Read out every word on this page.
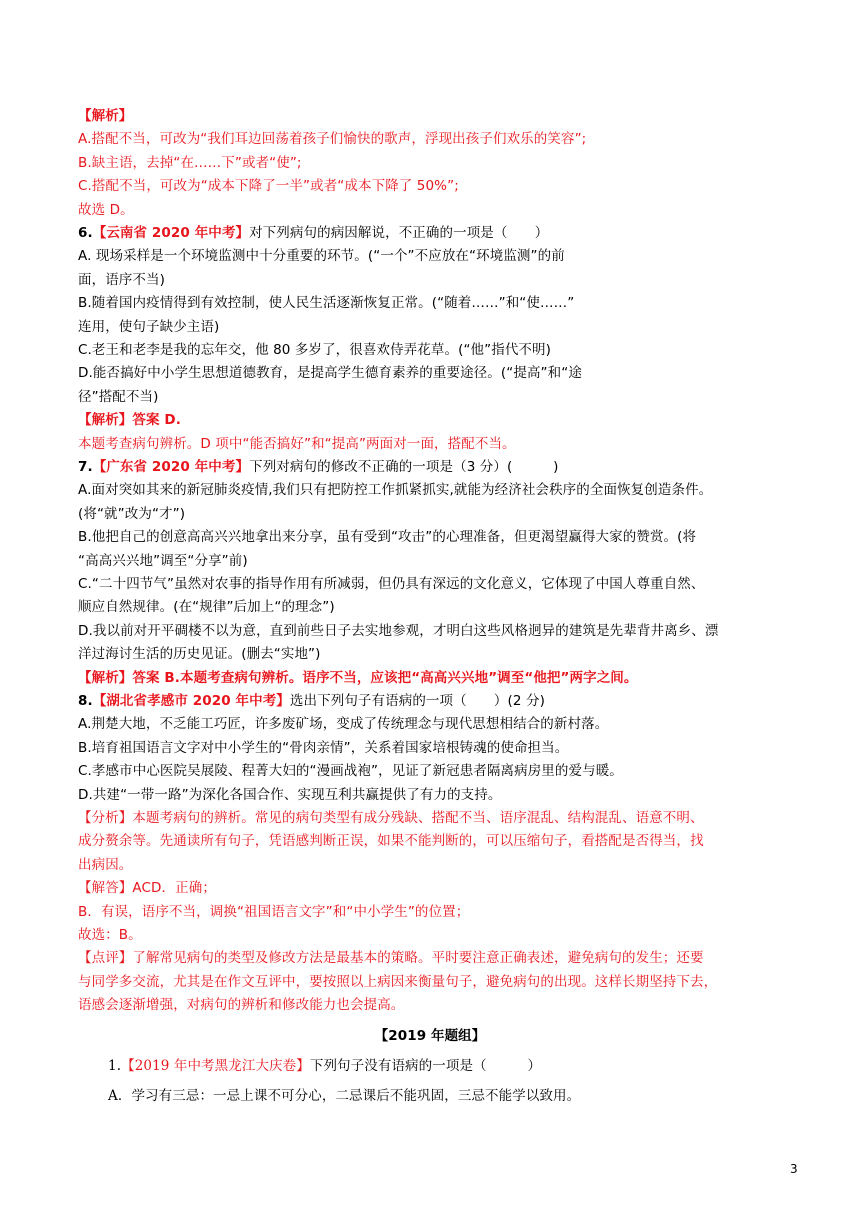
【解析】
A.搭配不当，可改为“我们耳边回荡着孩子们愉快的歌声，浮现出孩子们欢乐的笑容”;
B.缺主语，去掉“在……下”或者“使”;
C.搭配不当，可改为“成本下降了一半”或者“成本下降了 50%”;
故选 D。
6.【云南省 2020 年中考】对下列病句的病因解说，不正确的一项是（　　）
A. 现场采样是一个环境监测中十分重要的环节。(“一个”不应放在“环境监测”的前
面，语序不当)
B.随着国内疫情得到有效控制，使人民生活逐渐恢复正常。(“随着……”和“使……”
连用，使句子缺少主语)
C.老王和老李是我的忘年交，他 80 多岁了，很喜欢侍弄花草。(“他”指代不明)
D.能否搞好中小学生思想道德教育，是提高学生德育素养的重要途径。(“提高”和“途
径”搭配不当)
【解析】答案 D.
本题考查病句辨析。D 项中“能否搞好”和“提高”两面对一面，搭配不当。
7.【广东省 2020 年中考】下列对病句的修改不正确的一项是（3 分）(　　　)
A.面对突如其来的新冠肺炎疫情,我们只有把防控工作抓紧抓实,就能为经济社会秩序的全面恢复创造条件。
(将“就”改为“才”)
B.他把自己的创意高高兴兴地拿出来分享，虽有受到“攻击”的心理准备，但更渴望赢得大家的赞赏。(将
“高高兴兴地”调至“分享”前)
C.“二十四节气”虽然对农事的指导作用有所减弱，但仍具有深远的文化意义，它体现了中国人尊重自然、
顺应自然规律。(在“规律”后加上“的理念”)
D.我以前对开平碉楼不以为意，直到前些日子去实地参观，才明白这些风格迥异的建筑是先辈背井离乡、漂
洋过海讨生活的历史见证。(删去“实地”)
【解析】答案 B.本题考查病句辨析。语序不当，应该把“高高兴兴地”调至“他把”两字之间。
8.【湖北省孝感市 2020 年中考】选出下列句子有语病的一项（　　）(2 分)
A.荆楚大地，不乏能工巧匠，许多废矿场，变成了传统理念与现代思想相结合的新村落。
B.培育祖国语言文字对中小学生的“骨肉亲情”，关系着国家培根铸魂的使命担当。
C.孝感市中心医院吴展陵、程菁大妇的“漫画战袍”，见证了新冠患者隔离病房里的爱与暖。
D.共建“一带一路”为深化各国合作、实现互利共赢提供了有力的支持。
【分析】本题考病句的辨析。常见的病句类型有成分残缺、搭配不当、语序混乱、结构混乱、语意不明、
成分赘余等。先通读所有句子，凭语感判断正误，如果不能判断的，可以压缩句子，看搭配是否得当，找
出病因。
【解答】ACD．正确；
B．有误，语序不当，调换“祖国语言文字”和“中小学生”的位置；
故选：B。
【点评】了解常见病句的类型及修改方法是最基本的策略。平时要注意正确表述，避免病句的发生；还要
与同学多交流，尤其是在作文互评中，要按照以上病因来衡量句子，避免病句的出现。这样长期坚持下去，
语感会逐渐增强，对病句的辨析和修改能力也会提高。
【2019 年题组】
1.【2019 年中考黑龙江大庆卷】下列句子没有语病的一项是（　　　）
A．学习有三忌：一忌上课不可分心，二忌课后不能巩固，三忌不能学以致用。
3
